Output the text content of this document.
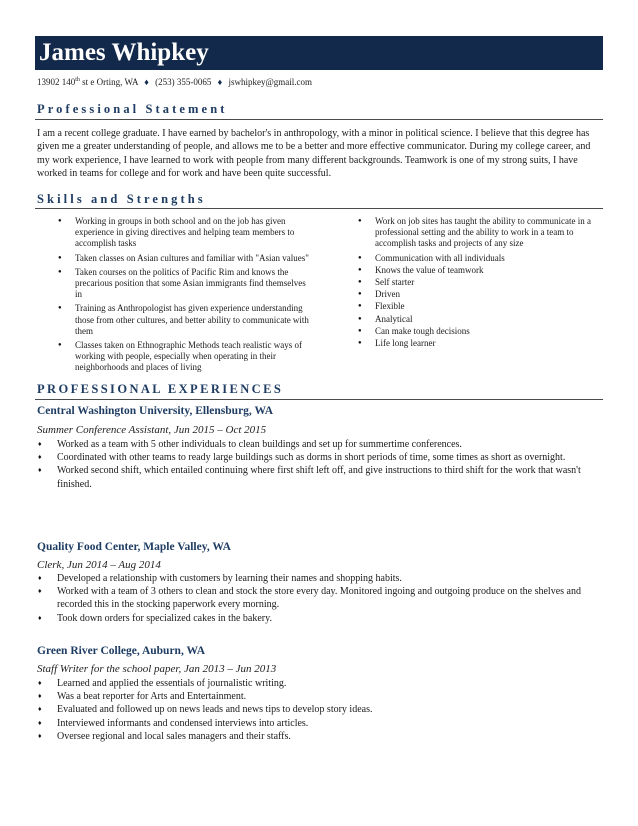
James Whipkey
13902 140th st e Orting, WA ♦ (253) 355-0065 ♦ jswhipkey@gmail.com
Professional Statement

I am a recent college graduate. I have earned by bachelor's in anthropology, with a minor in political science. I believe that this degree has given me a greater understanding of people, and allows me to be a better and more effective communicator. During my college career, and my work experience, I have learned to work with people from many different backgrounds. Teamwork is one of my strong suits, I have worked in teams for college and for work and have been quite successful.

Skills and Strengths
● Working in groups in both school and on the job has given experience in giving directives and helping team members to accomplish tasks
● Taken classes on Asian cultures and familiar with "Asian values"
● Taken courses on the politics of Pacific Rim and knows the precarious position that some Asian immigrants find themselves in
● Training as Anthropologist has given experience understanding those from other cultures, and better ability to communicate with them
● Classes taken on Ethnographic Methods teach realistic ways of working with people, especially when operating in their neighborhoods and places of living
● Work on job sites has taught the ability to communicate in a professional setting and the ability to work in a team to accomplish tasks and projects of any size
● Communication with all individuals
● Knows the value of teamwork
● Self starter
● Driven
● Flexible
● Analytical
● Can make tough decisions
● Life long learner
PROFESSIONAL EXPERIENCES

Central Washington University, Ellensburg, WA

Summer Conference Assistant, Jun 2015 – Oct 2015

♦ Worked as a team with 5 other individuals to clean buildings and set up for summertime conferences.
♦ Coordinated with other teams to ready large buildings such as dorms in short periods of time, some times as short as overnight.
♦ Worked second shift, which entailed continuing where first shift left off, and give instructions to third shift for the work that wasn't finished.

Quality Food Center, Maple Valley, WA

Clerk, Jun 2014 – Aug 2014

♦ Developed a relationship with customers by learning their names and shopping habits.
♦ Worked with a team of 3 others to clean and stock the store every day. Monitored ingoing and outgoing produce on the shelves and recorded this in the stocking paperwork every morning.
♦ Took down orders for specialized cakes in the bakery.

Green River College, Auburn, WA

Staff Writer for the school paper, Jan 2013 – Jun 2013

♦ Learned and applied the essentials of journalistic writing.
♦ Was a beat reporter for Arts and Entertainment.
♦ Evaluated and followed up on news leads and news tips to develop story ideas.
♦ Interviewed informants and condensed interviews into articles.
♦ Oversee regional and local sales managers and their staffs.
